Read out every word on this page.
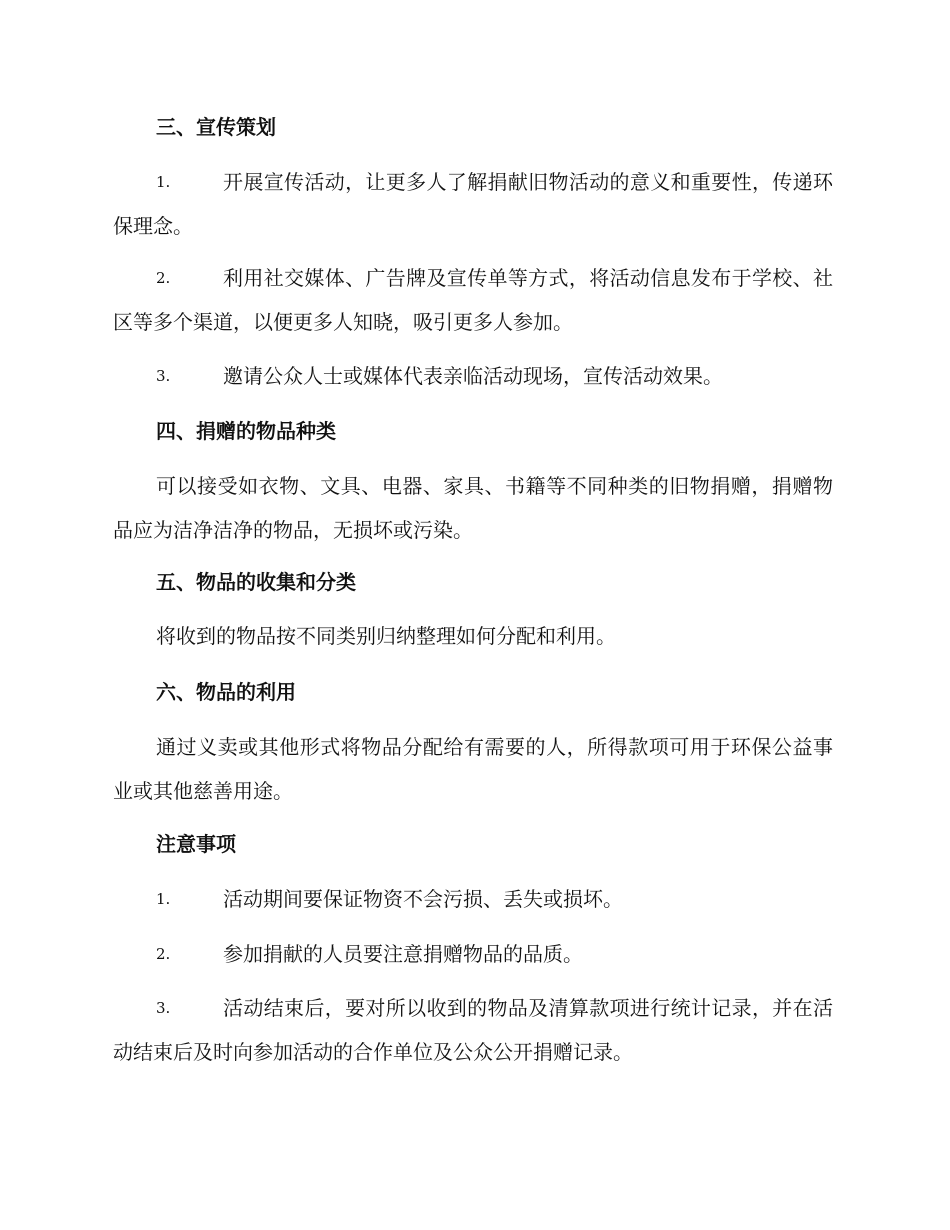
三、宣传策划
1.	开展宣传活动，让更多人了解捐献旧物活动的意义和重要性，传递环保理念。
2.	利用社交媒体、广告牌及宣传单等方式，将活动信息发布于学校、社区等多个渠道，以便更多人知晓，吸引更多人参加。
3.	邀请公众人士或媒体代表亲临活动现场，宣传活动效果。
四、捐赠的物品种类
可以接受如衣物、文具、电器、家具、书籍等不同种类的旧物捐赠，捐赠物品应为洁净洁净的物品，无损坏或污染。
五、物品的收集和分类
将收到的物品按不同类别归纳整理如何分配和利用。
六、物品的利用
通过义卖或其他形式将物品分配给有需要的人，所得款项可用于环保公益事业或其他慈善用途。
注意事项
1.	活动期间要保证物资不会污损、丢失或损坏。
2.	参加捐献的人员要注意捐赠物品的品质。
3.	活动结束后，要对所以收到的物品及清算款项进行统计记录，并在活动结束后及时向参加活动的合作单位及公众公开捐赠记录。
